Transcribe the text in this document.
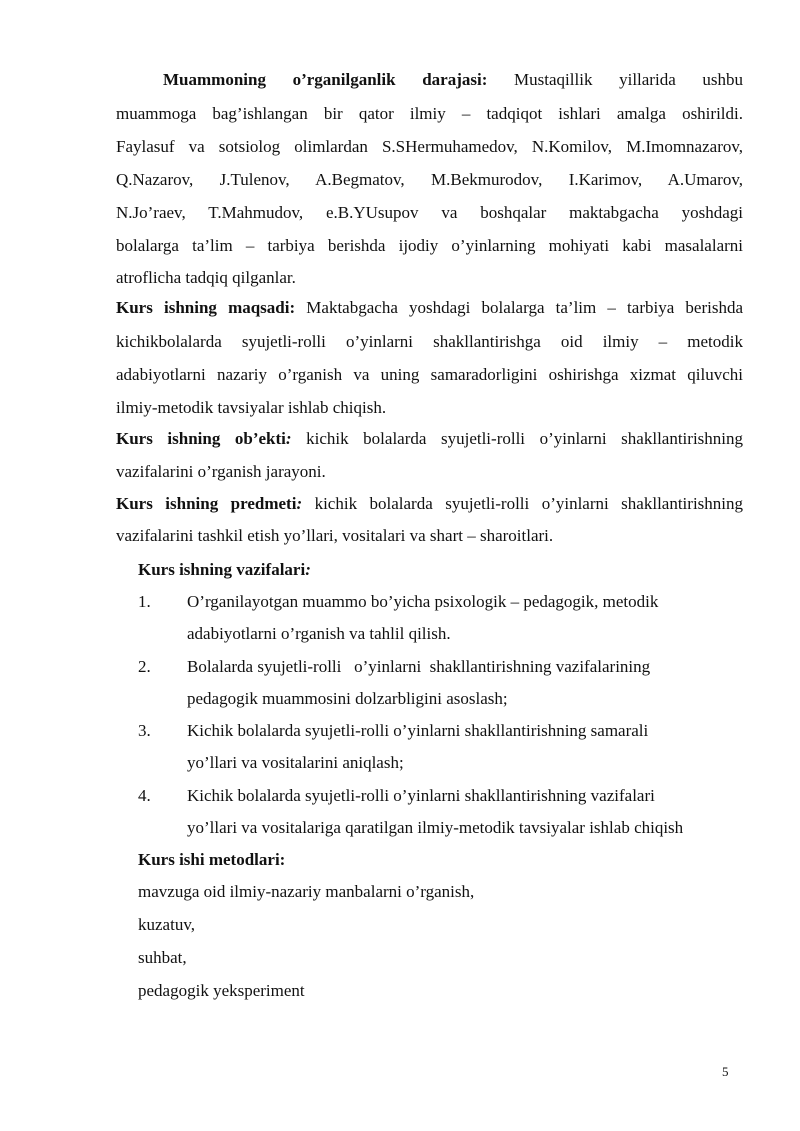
Muammoning o’rganilganlik darajasi: Mustaqillik yillarida ushbu
muammoga bag’ishlangan bir qator ilmiy – tadqiqot ishlari amalga oshirildi.
Faylasuf va sotsiolog olimlardan S.SHermuhamedov, N.Komilov, M.Imomnazarov,
Q.Nazarov, J.Tulenov, A.Begmatov, M.Bekmurodov, I.Karimov, A.Umarov,
N.Jo’raev, T.Mahmudov, e.B.YUsupov va boshqalar maktabgacha yoshdagi
bolalarga ta’lim – tarbiya berishda ijodiy o’yinlarning mohiyati kabi masalalarni
atroflicha tadqiq qilganlar.
Kurs ishning maqsadi: Maktabgacha yoshdagi bolalarga ta’lim – tarbiya berishda
kichikbolalarda syujetli-rolli o’yinlarni shakllantirishga oid ilmiy – metodik
adabiyotlarni nazariy o’rganish va uning samaradorligini oshirishga xizmat qiluvchi
ilmiy-metodik tavsiyalar ishlab chiqish.
Kurs ishning ob’ekti: kichik bolalarda syujetli-rolli o’yinlarni shakllantirishning
vazifalarini o’rganish jarayoni.
Kurs ishning predmeti: kichik bolalarda syujetli-rolli o’yinlarni shakllantirishning
vazifalarini tashkil etish yo’llari, vositalari va shart – sharoitlari.
Kurs ishning vazifalari:
1. O’rganilayotgan muammo bo’yicha psixologik – pedagogik, metodik
adabiyotlarni o’rganish va tahlil qilish.
2. Bolalarda syujetli-rolli   o’yinlarni  shakllantirishning vazifalarining
pedagogik muammosini dolzarbligini asoslash;
3. Kichik bolalarda syujetli-rolli o’yinlarni shakllantirishning samarali
yo’llari va vositalarini aniqlash;
4. Kichik bolalarda syujetli-rolli o’yinlarni shakllantirishning vazifalari
yo’llari va vositalariga qaratilgan ilmiy-metodik tavsiyalar ishlab chiqish
Kurs ishi metodlari:
mavzuga oid ilmiy-nazariy manbalarni o’rganish,
kuzatuv,
suhbat,
pedagogik yeksperiment
5
